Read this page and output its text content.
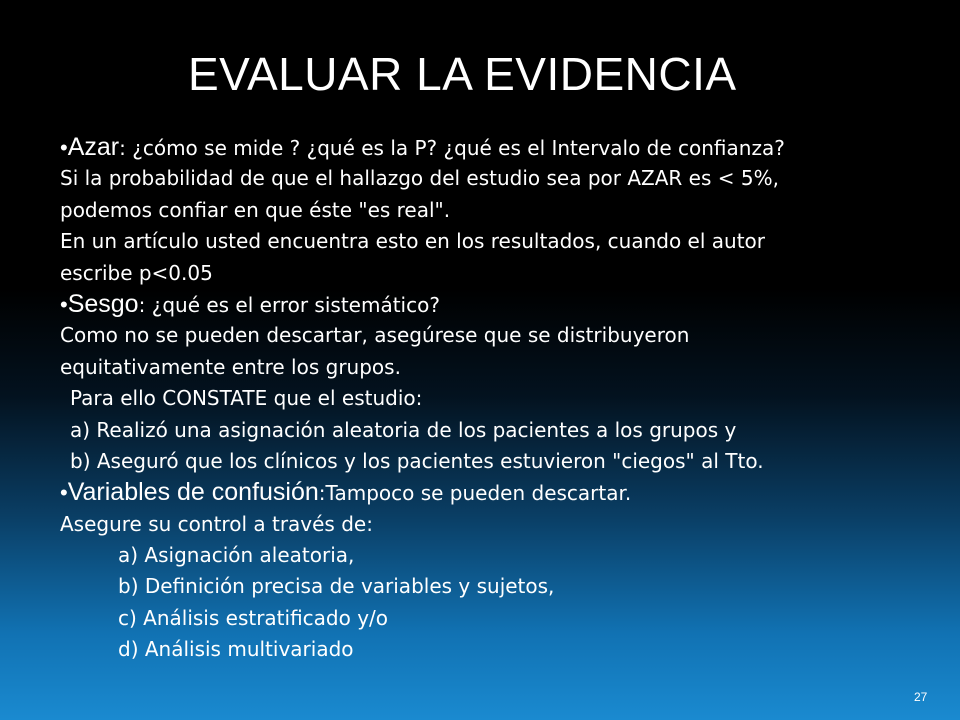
EVALUAR LA EVIDENCIA
•Azar: ¿cómo se mide ? ¿qué es la P? ¿qué es el Intervalo de confianza?
Si la probabilidad de que el hallazgo del estudio sea por AZAR es < 5%,
podemos confiar en que éste "es real".
En un artículo usted encuentra esto en los resultados, cuando el autor
escribe p<0.05
•Sesgo: ¿qué es el error sistemático?
Como no se pueden descartar, asegúrese que se distribuyeron
equitativamente entre los grupos.
Para ello CONSTATE que el estudio:
a) Realizó una asignación aleatoria de los pacientes a los grupos y
b) Aseguró que los clínicos y los pacientes estuvieron "ciegos" al Tto.
•Variables de confusión:Tampoco se pueden descartar.
Asegure su control a través de:
a) Asignación aleatoria,
b) Definición precisa de variables y sujetos,
c) Análisis estratificado y/o
d) Análisis multivariado
27
